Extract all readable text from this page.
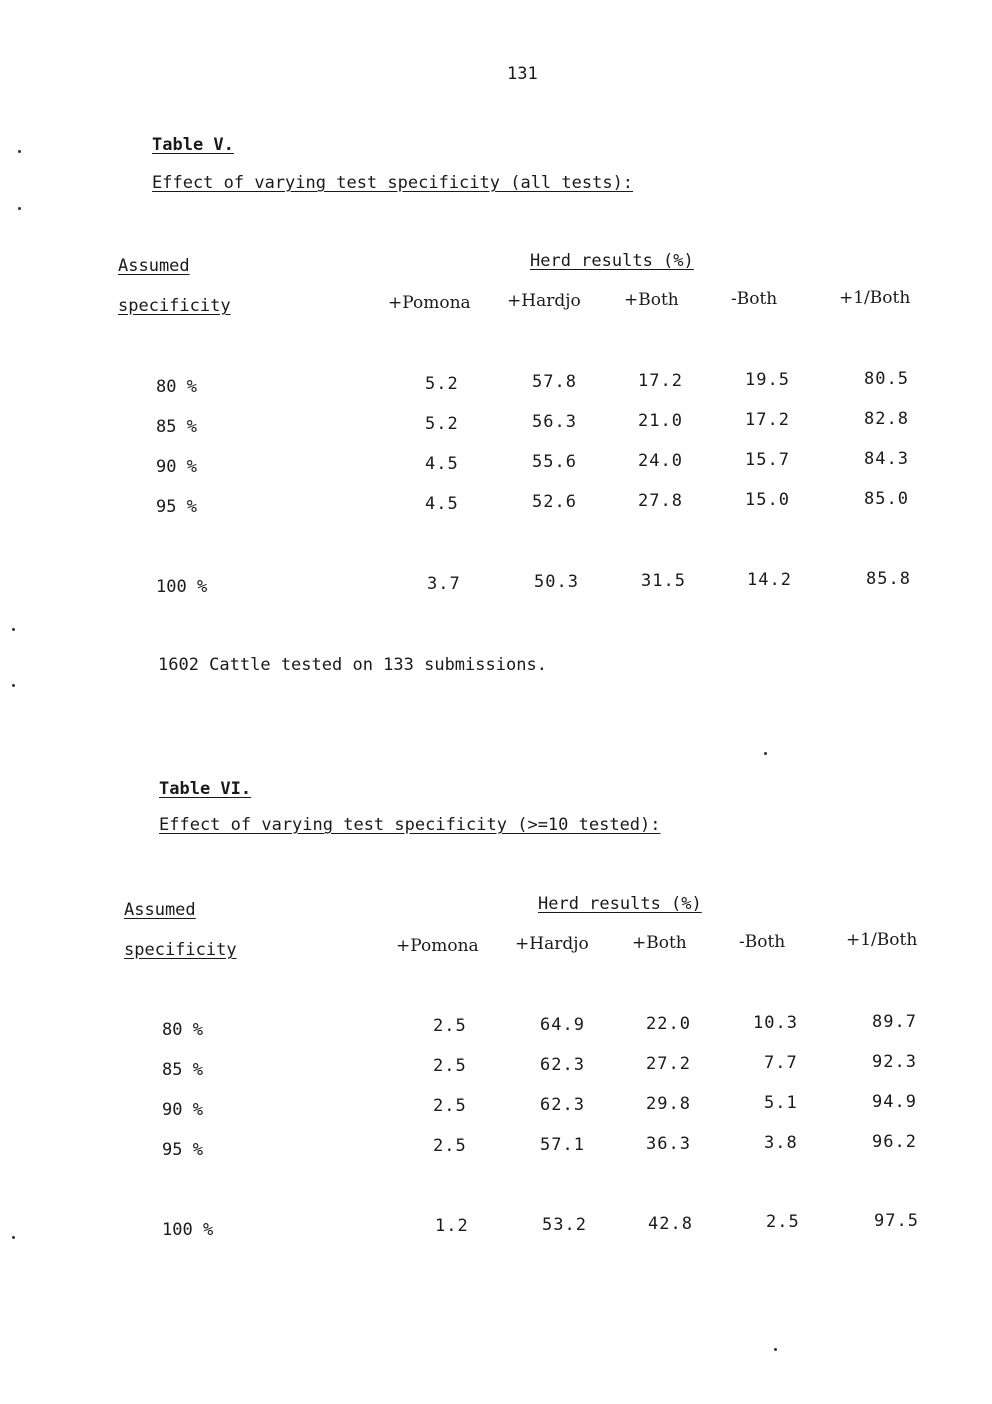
131
Table V.
Effect of varying test specificity (all tests):
Assumed
specificity
Herd results (%)
+Pomona +Hardjo	+Both	-Both	+1/Both
80 %	5.2	57.8	17.2	19.5	80.5
85 %	5.2	56.3	21.0	17.2	82.8
90 %	4.5	55.6	24.0	15.7	84.3
95 %	4.5	52.6	27.8	15.0	85.0
100 %	3.7	50.3	31.5	14.2	85.8
1602 Cattle tested on 133 submissions.
Table VI.
Effect of varying test specificity (>=10 tested):
Assumed
specificity
Herd results (%)
+Pomona +Hardjo	+Both	-Both	+1/Both
80 %	2.5	64.9	22.0	10.3	89.7
85 %	2.5	62.3	27.2	7.7	92.3
90 %	2.5	62.3	29.8	5.1	94.9
95 %	2.5	57.1	36.3	3.8	96.2
100 %	1.2	53.2	42.8	2.5	97.5
